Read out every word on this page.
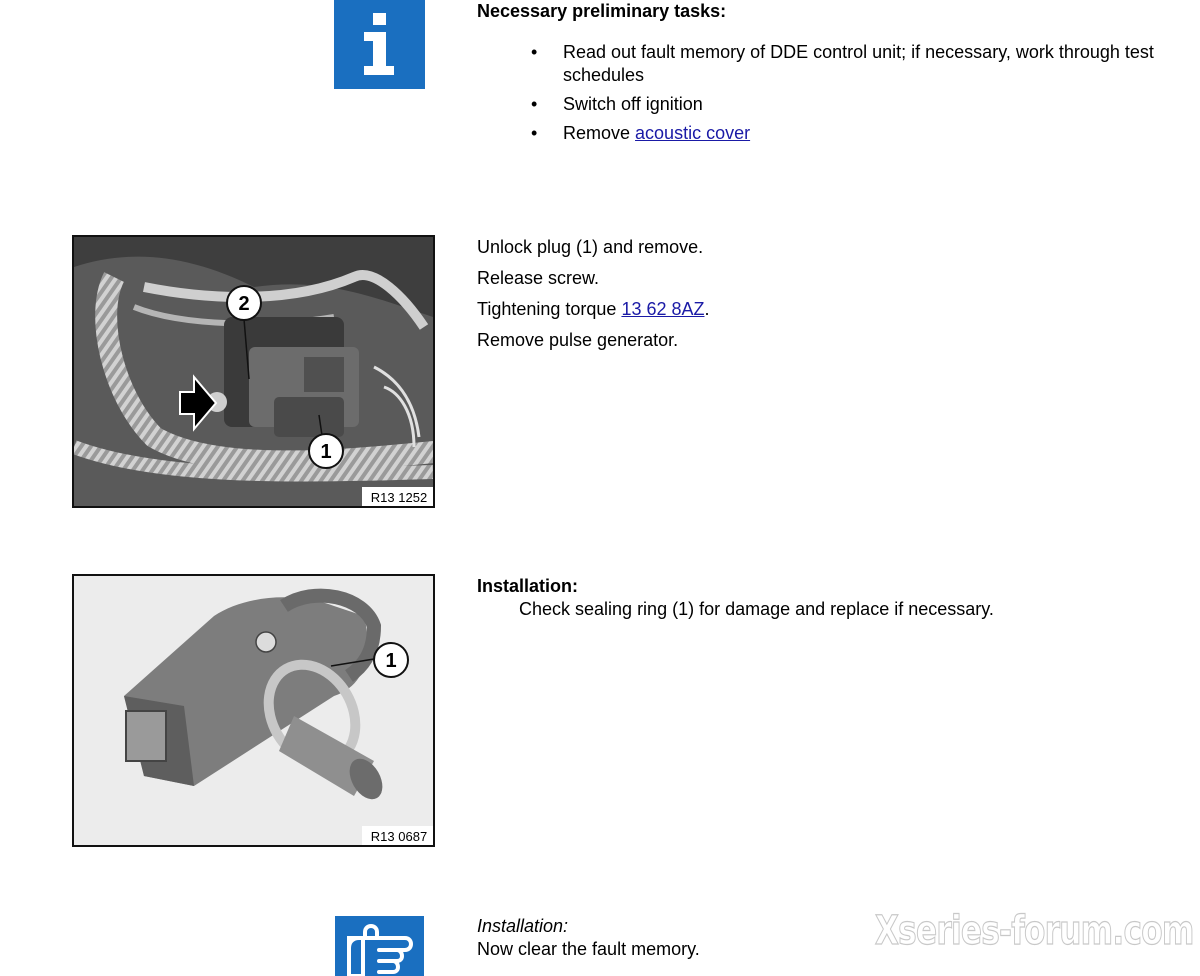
Necessary preliminary tasks:
• Read out fault memory of DDE control unit; if necessary, work through test schedules
• Switch off ignition
• Remove acoustic cover
2
1
R13 1252

Unlock plug (1) and remove.

Release screw.

Tightening torque 13 62 8AZ.

Remove pulse generator.

1
R13 0687
Installation:
Check sealing ring (1) for damage and replace if necessary.
Installation:
Now clear the fault memory.	Xseries-forum.com
